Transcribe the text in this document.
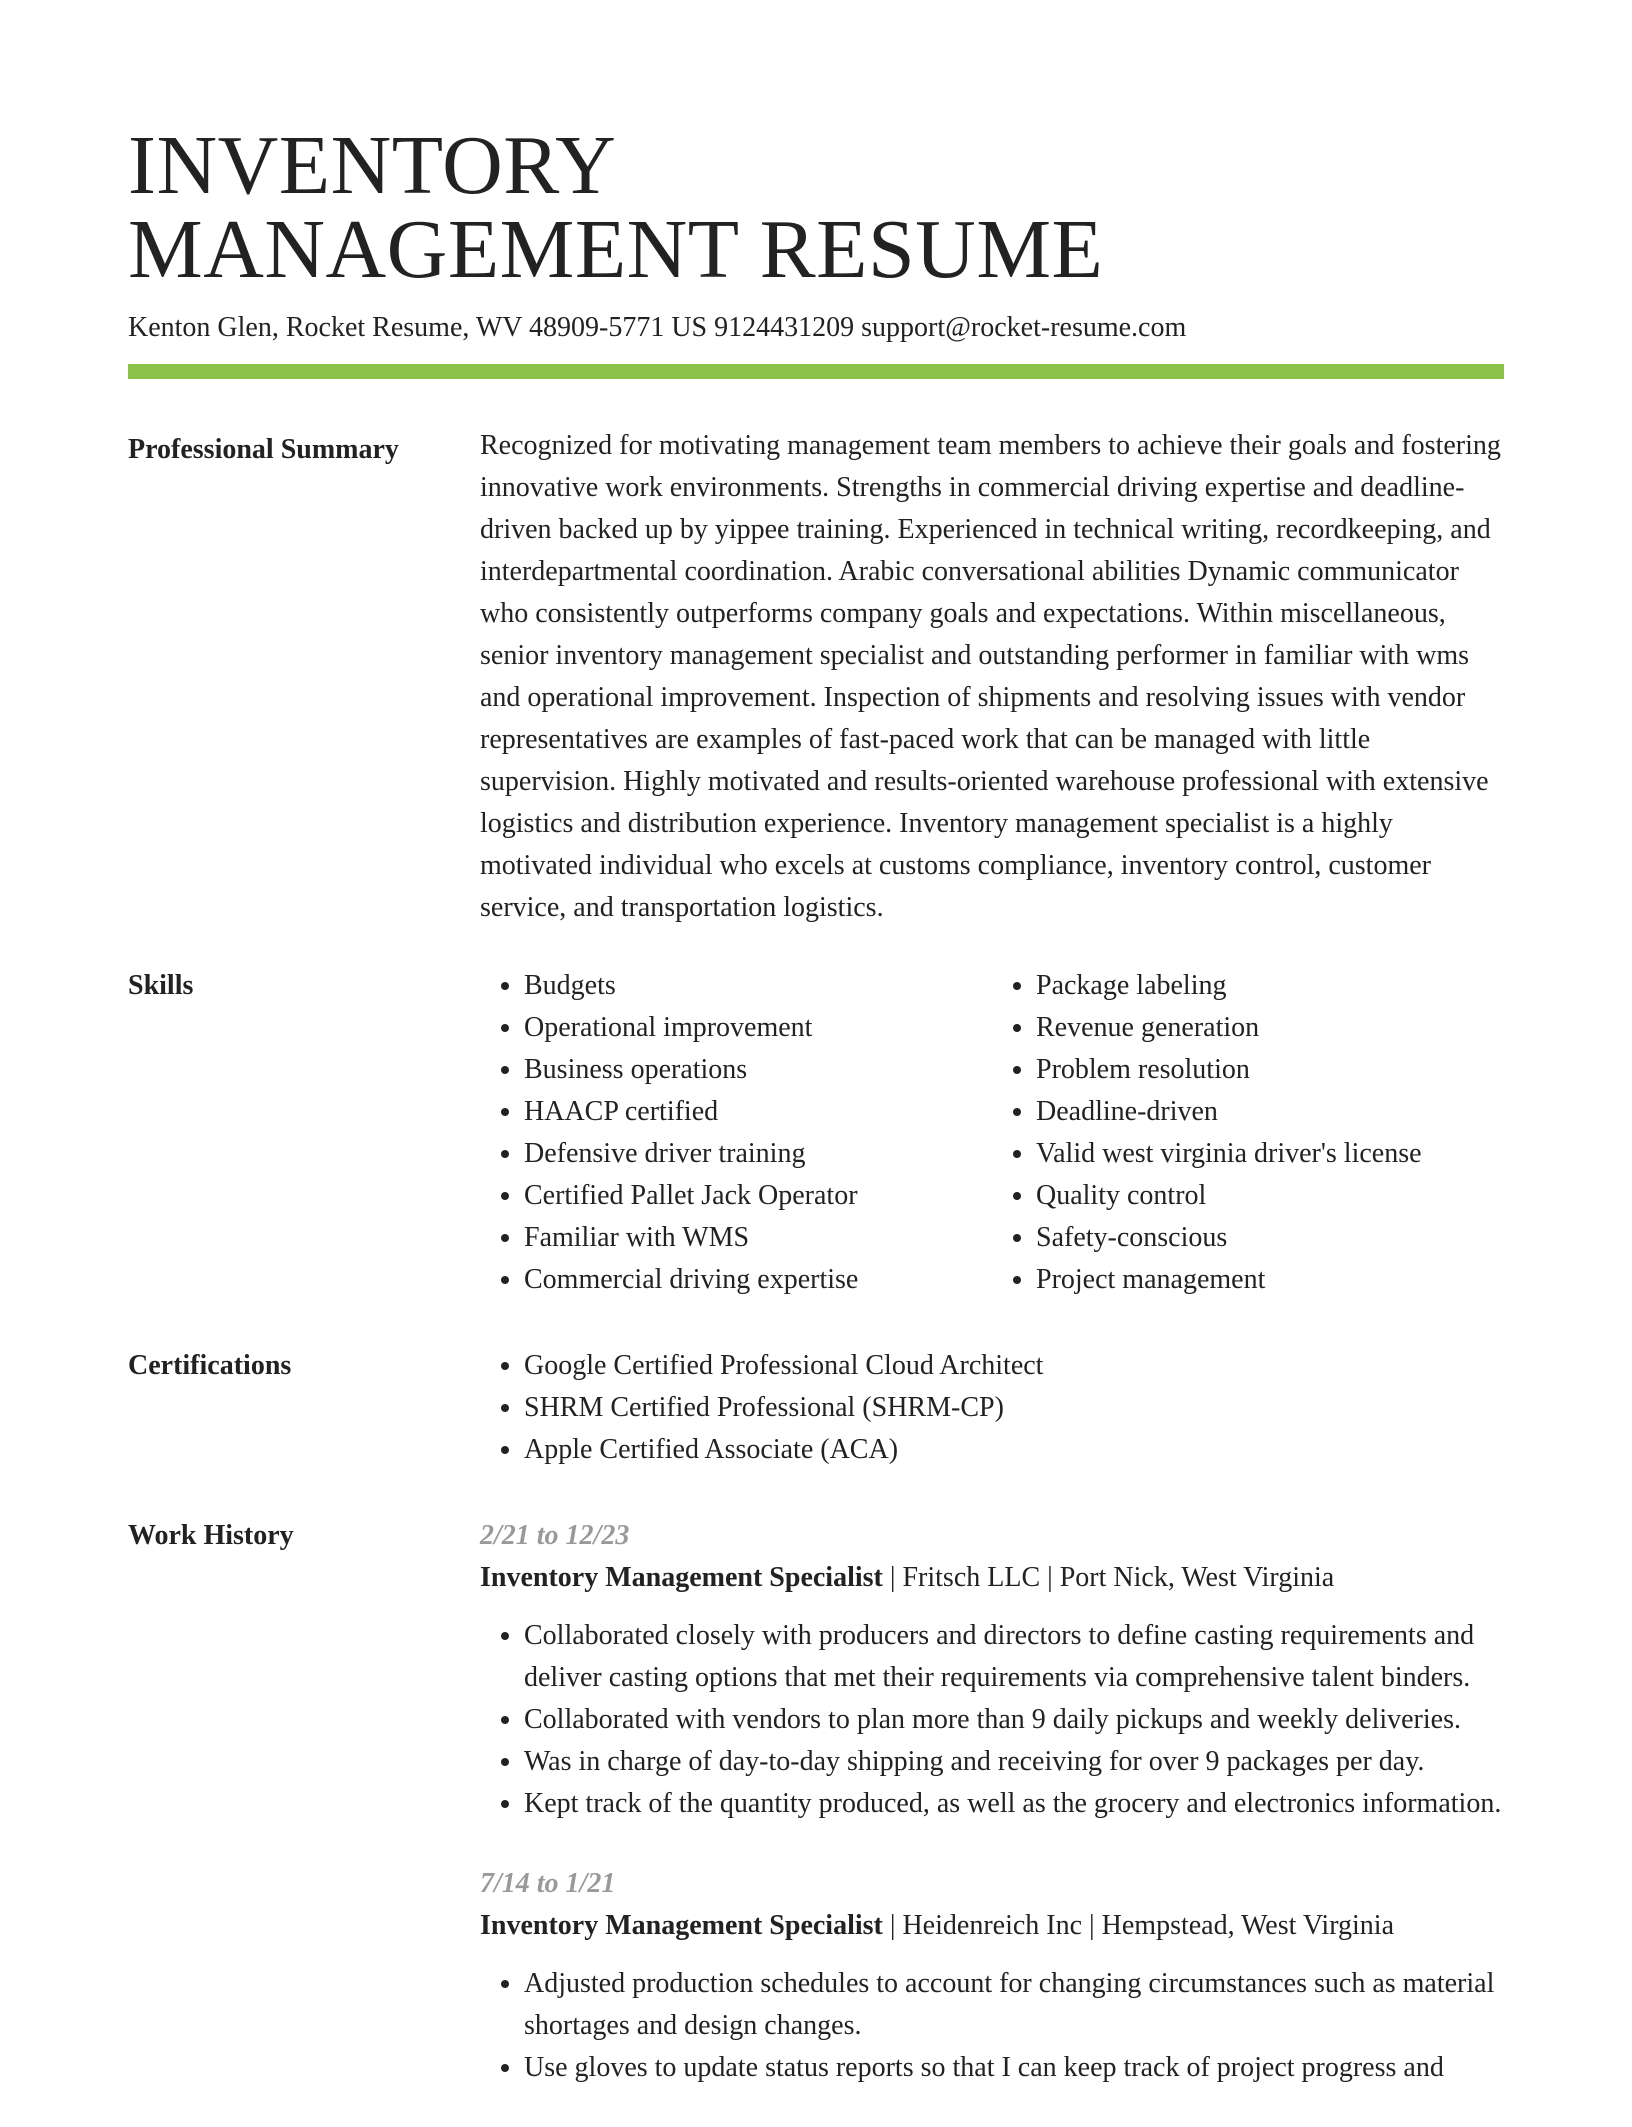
INVENTORY
MANAGEMENT RESUME
Kenton Glen, Rocket Resume, WV 48909-5771 US 9124431209 support@rocket-resume.com
Professional Summary	Recognized for motivating management team members to achieve their goals and fostering innovative work environments. Strengths in commercial driving expertise and deadline-driven backed up by yippee training. Experienced in technical writing, recordkeeping, and interdepartmental coordination. Arabic conversational abilities Dynamic communicator who consistently outperforms company goals and expectations. Within miscellaneous, senior inventory management specialist and outstanding performer in familiar with wms and operational improvement. Inspection of shipments and resolving issues with vendor representatives are examples of fast-paced work that can be managed with little supervision. Highly motivated and results-oriented warehouse professional with extensive logistics and distribution experience. Inventory management specialist is a highly motivated individual who excels at customs compliance, inventory control, customer service, and transportation logistics.

Skills	• Budgets
• Operational improvement
• Business operations
• HAACP certified
• Defensive driver training
• Certified Pallet Jack Operator
• Familiar with WMS
• Commercial driving expertise
• Package labeling
• Revenue generation
• Problem resolution
• Deadline-driven
• Valid west virginia driver's license
• Quality control
• Safety-conscious
• Project management
Certifications	• Google Certified Professional Cloud Architect
• SHRM Certified Professional (SHRM-CP)
• Apple Certified Associate (ACA)
Work History	2/21 to 12/23
Inventory Management Specialist | Fritsch LLC | Port Nick, West Virginia
• Collaborated closely with producers and directors to define casting requirements and deliver casting options that met their requirements via comprehensive talent binders.
• Collaborated with vendors to plan more than 9 daily pickups and weekly deliveries.
• Was in charge of day-to-day shipping and receiving for over 9 packages per day.
• Kept track of the quantity produced, as well as the grocery and electronics information.
7/14 to 1/21
Inventory Management Specialist | Heidenreich Inc | Hempstead, West Virginia
• Adjusted production schedules to account for changing circumstances such as material shortages and design changes.
• Use gloves to update status reports so that I can keep track of project progress and
